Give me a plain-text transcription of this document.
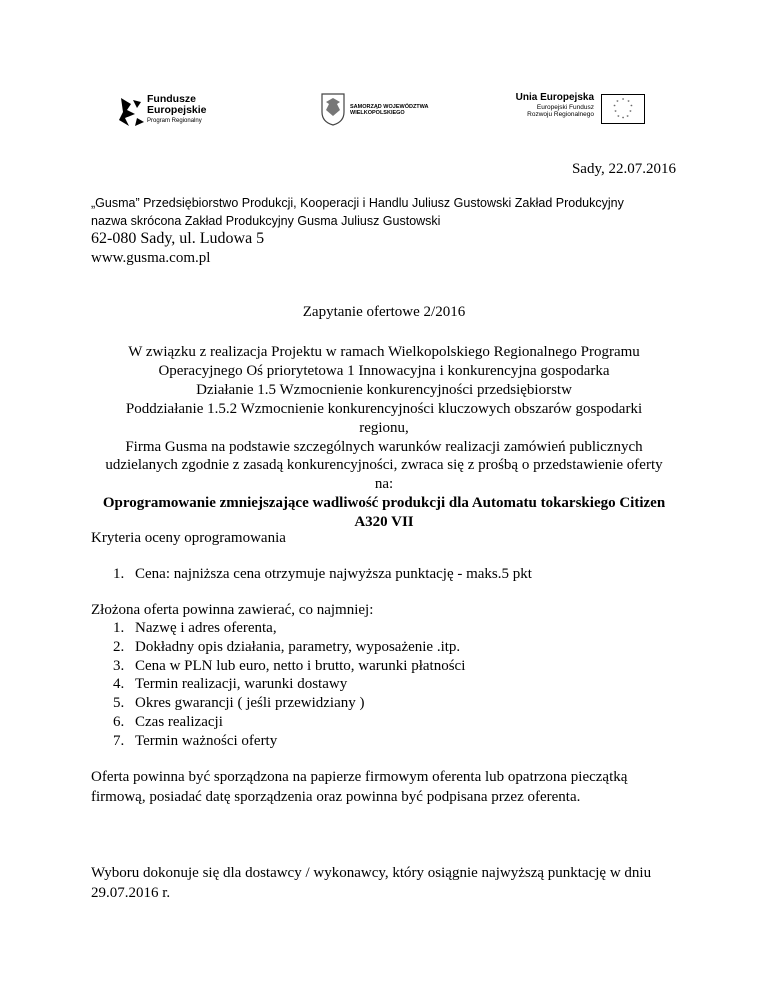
Fundusze
Europejskie
Program Regionalny
SAMORZĄD WOJEWÓDZTWA
WIELKOPOLSKIEGO
Unia Europejska
Europejski Fundusz
Rozwoju Regionalnego
* *
*
*
*
*
*
*
*
*
Sady, 22.07.2016
„Gusma” Przedsiębiorstwo Produkcji, Kooperacji i Handlu Juliusz Gustowski Zakład Produkcyjny
nazwa skrócona Zakład Produkcyjny Gusma Juliusz Gustowski
62-080 Sady, ul. Ludowa 5
www.gusma.com.pl
Zapytanie ofertowe 2/2016
W związku z realizacja Projektu w ramach Wielkopolskiego Regionalnego Programu
Operacyjnego Oś priorytetowa 1 Innowacyjna i konkurencyjna gospodarka
Działanie 1.5 Wzmocnienie konkurencyjności przedsiębiorstw
Poddziałanie 1.5.2 Wzmocnienie konkurencyjności kluczowych obszarów gospodarki
regionu,
Firma Gusma na podstawie szczególnych warunków realizacji zamówień publicznych
udzielanych zgodnie z zasadą konkurencyjności, zwraca się z prośbą o przedstawienie oferty
na:
Oprogramowanie zmniejszające wadliwość produkcji dla Automatu tokarskiego Citizen
A320 VII
Kryteria oceny oprogramowania
1. Cena: najniższa cena otrzymuje najwyższa punktację - maks.5 pkt
Złożona oferta powinna zawierać, co najmniej:
1. Nazwę i adres oferenta,
2. Dokładny opis działania, parametry, wyposażenie .itp.
3. Cena w PLN lub euro, netto i brutto, warunki płatności
4. Termin realizacji, warunki dostawy
5. Okres gwarancji ( jeśli przewidziany )
6. Czas realizacji
7. Termin ważności oferty
Oferta powinna być sporządzona na papierze firmowym oferenta lub opatrzona pieczątką
firmową, posiadać datę sporządzenia oraz powinna być podpisana przez oferenta.
Wyboru dokonuje się dla dostawcy / wykonawcy, który osiągnie najwyższą punktację w dniu
29.07.2016 r.
